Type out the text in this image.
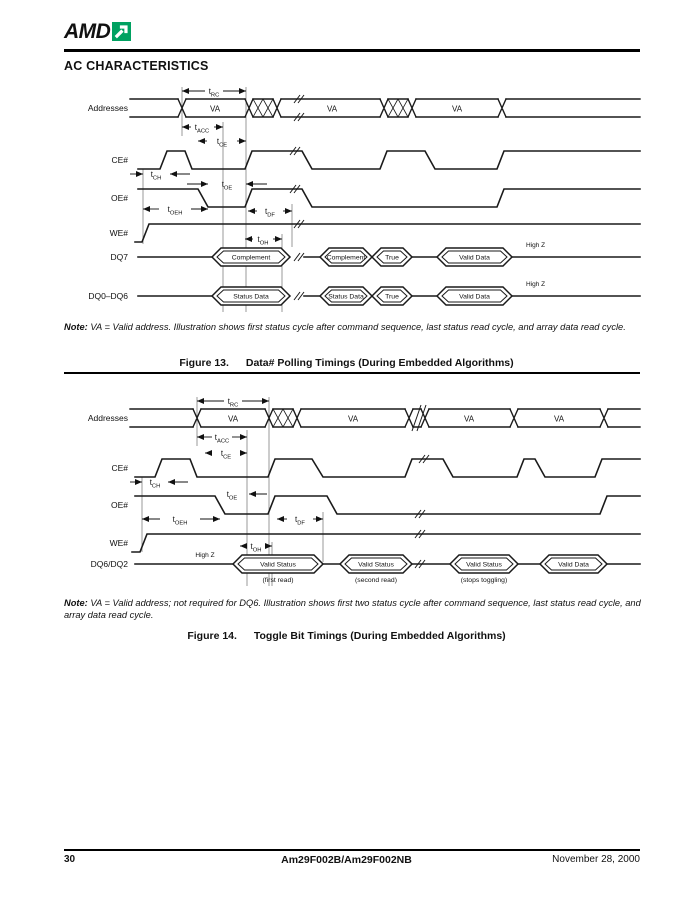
AMD
AC CHARACTERISTICS
Addresses
CE#
OE#
WE#
DQ7
DQ0–DQ6
VA	VA	VA
$t_{RC}$
$t_{ACC}$
$t_{CE}$
$t_{CH}$
$t_{OE}$
$t_{OEH}$	$t_{DF}$
$t_{OH}$
Complement	Complement	True	Valid Data
High Z
Status Data	Status Data	True	Valid Data
High Z
Note: VA = Valid address. Illustration shows first status cycle after command sequence, last status read cycle, and array data read cycle.
Figure 13. Data# Polling Timings (During Embedded Algorithms)
Addresses
CE#
OE#
WE#
DQ6/DQ2
VA	VA	VA	VA
$t_{RC}$
$t_{ACC}$
$t_{CE}$
$t_{CH}$
$t_{OE}$
$t_{OEH}$	$t_{DF}$
$t_{OH}$
High Z
Valid Status	Valid Status	Valid Status	Valid Data
(first read)	(second read)	(stops toggling)
Note: VA = Valid address; not required for DQ6. Illustration shows first two status cycle after command sequence, last status read cycle, and array data read cycle.
Figure 14. Toggle Bit Timings (During Embedded Algorithms)
30	Am29F002B/Am29F002NB	November 28, 2000
